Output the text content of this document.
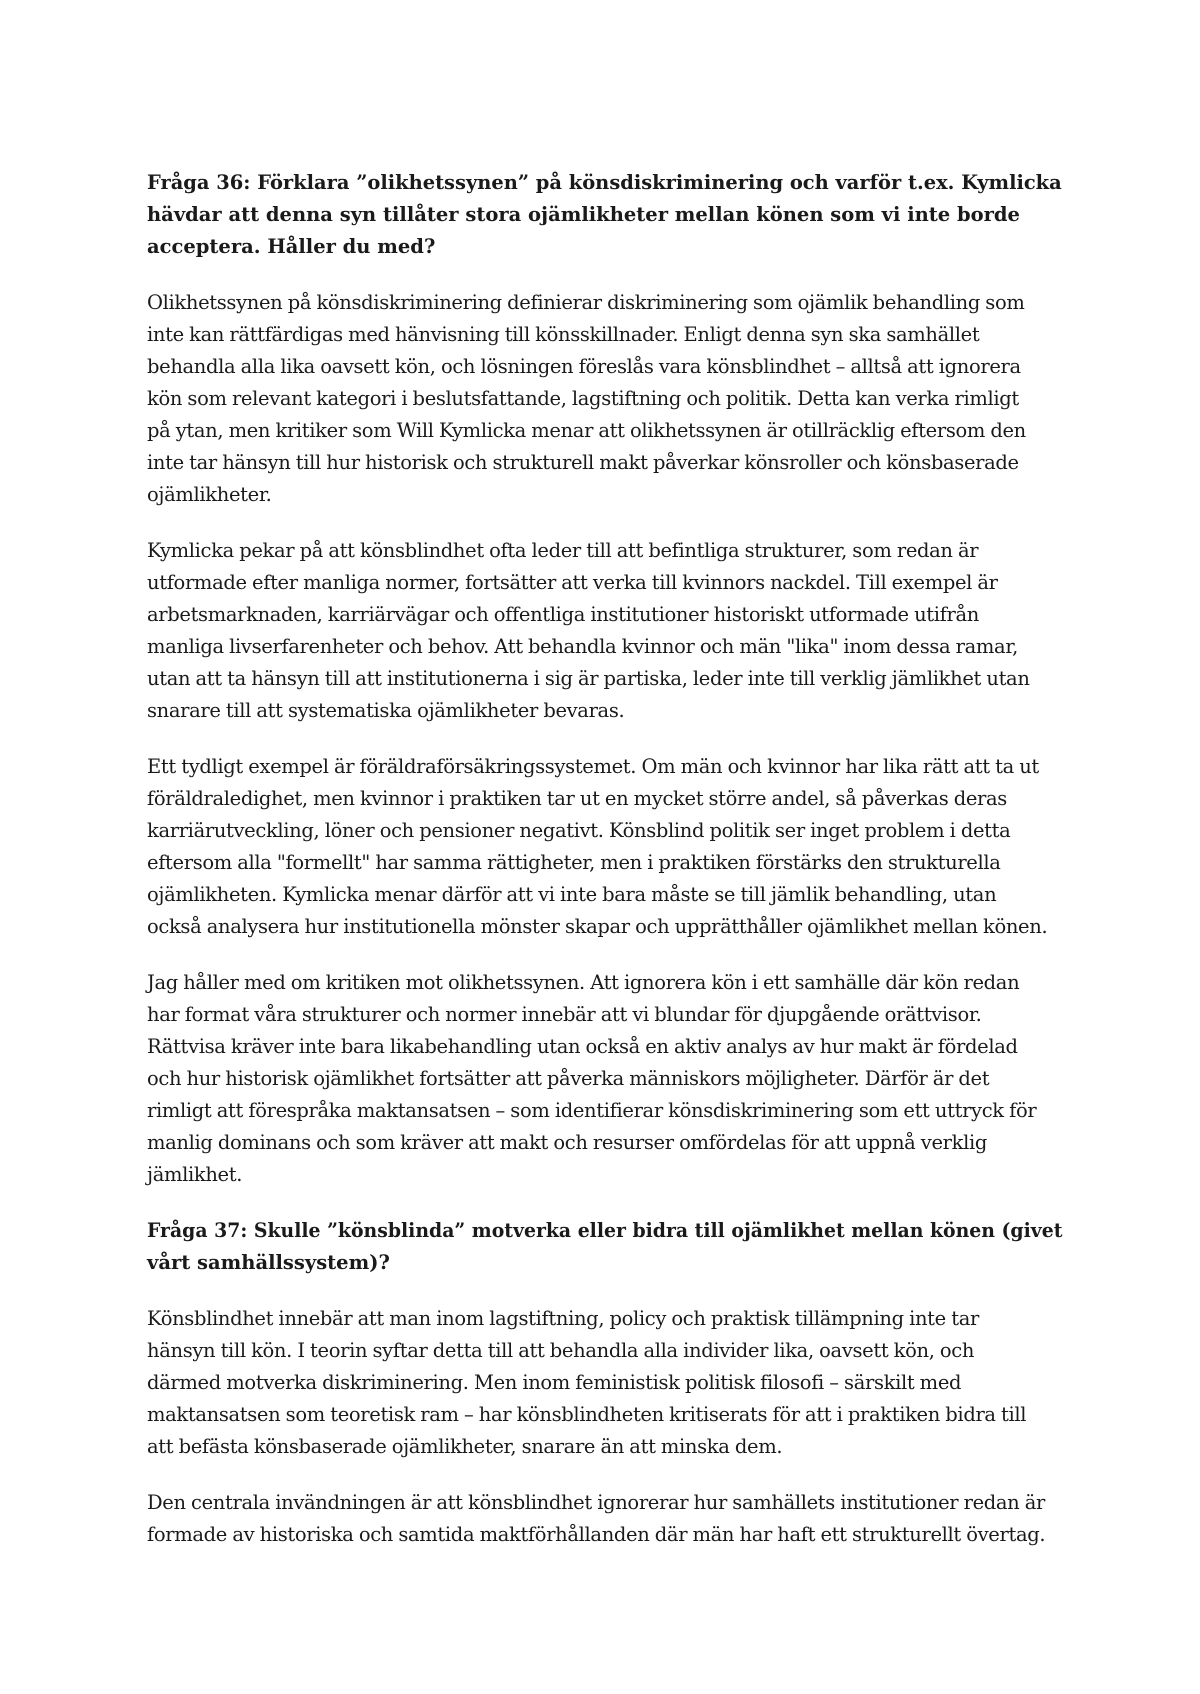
Fråga 36: Förklara ”olikhetssynen” på könsdiskriminering och varför t.ex. Kymlicka
hävdar att denna syn tillåter stora ojämlikheter mellan könen som vi inte borde
acceptera. Håller du med?
Olikhetssynen på könsdiskriminering definierar diskriminering som ojämlik behandling som
inte kan rättfärdigas med hänvisning till könsskillnader. Enligt denna syn ska samhället
behandla alla lika oavsett kön, och lösningen föreslås vara könsblindhet – alltså att ignorera
kön som relevant kategori i beslutsfattande, lagstiftning och politik. Detta kan verka rimligt
på ytan, men kritiker som Will Kymlicka menar att olikhetssynen är otillräcklig eftersom den
inte tar hänsyn till hur historisk och strukturell makt påverkar könsroller och könsbaserade
ojämlikheter.
Kymlicka pekar på att könsblindhet ofta leder till att befintliga strukturer, som redan är
utformade efter manliga normer, fortsätter att verka till kvinnors nackdel. Till exempel är
arbetsmarknaden, karriärvägar och offentliga institutioner historiskt utformade utifrån
manliga livserfarenheter och behov. Att behandla kvinnor och män "lika" inom dessa ramar,
utan att ta hänsyn till att institutionerna i sig är partiska, leder inte till verklig jämlikhet utan
snarare till att systematiska ojämlikheter bevaras.
Ett tydligt exempel är föräldraförsäkringssystemet. Om män och kvinnor har lika rätt att ta ut
föräldraledighet, men kvinnor i praktiken tar ut en mycket större andel, så påverkas deras
karriärutveckling, löner och pensioner negativt. Könsblind politik ser inget problem i detta
eftersom alla "formellt" har samma rättigheter, men i praktiken förstärks den strukturella
ojämlikheten. Kymlicka menar därför att vi inte bara måste se till jämlik behandling, utan
också analysera hur institutionella mönster skapar och upprätthåller ojämlikhet mellan könen.
Jag håller med om kritiken mot olikhetssynen. Att ignorera kön i ett samhälle där kön redan
har format våra strukturer och normer innebär att vi blundar för djupgående orättvisor.
Rättvisa kräver inte bara likabehandling utan också en aktiv analys av hur makt är fördelad
och hur historisk ojämlikhet fortsätter att påverka människors möjligheter. Därför är det
rimligt att förespråka maktansatsen – som identifierar könsdiskriminering som ett uttryck för
manlig dominans och som kräver att makt och resurser omfördelas för att uppnå verklig
jämlikhet.
Fråga 37: Skulle ”könsblinda” motverka eller bidra till ojämlikhet mellan könen (givet
vårt samhällssystem)?
Könsblindhet innebär att man inom lagstiftning, policy och praktisk tillämpning inte tar
hänsyn till kön. I teorin syftar detta till att behandla alla individer lika, oavsett kön, och
därmed motverka diskriminering. Men inom feministisk politisk filosofi – särskilt med
maktansatsen som teoretisk ram – har könsblindheten kritiserats för att i praktiken bidra till
att befästa könsbaserade ojämlikheter, snarare än att minska dem.
Den centrala invändningen är att könsblindhet ignorerar hur samhällets institutioner redan är
formade av historiska och samtida maktförhållanden där män har haft ett strukturellt övertag.
